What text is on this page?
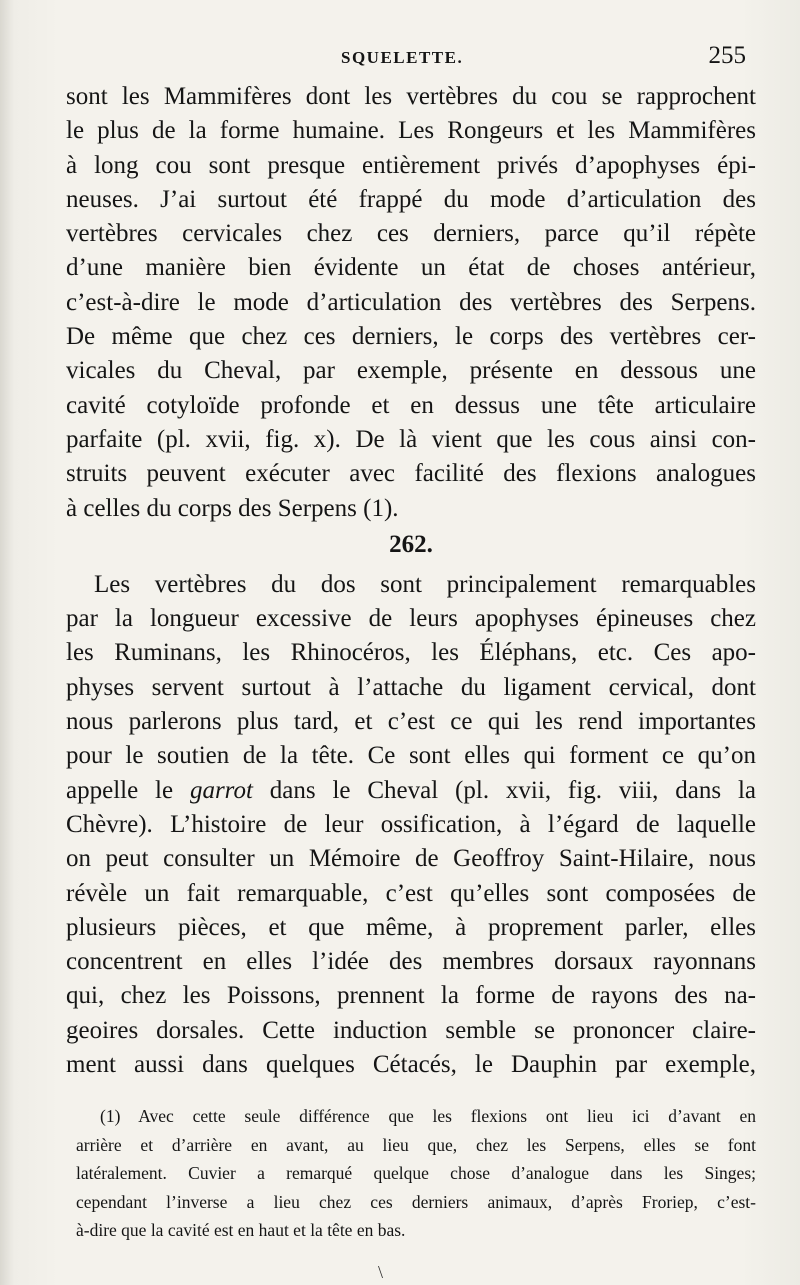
SQUELETTE.	255
sont les Mammifères dont les vertèbres du cou se rapprochent
le plus de la forme humaine. Les Rongeurs et les Mammifères
à long cou sont presque entièrement privés d’apophyses épi-
neuses. J’ai surtout été frappé du mode d’articulation des
vertèbres cervicales chez ces derniers, parce qu’il répète
d’une manière bien évidente un état de choses antérieur,
c’est-à-dire le mode d’articulation des vertèbres des Serpens.
De même que chez ces derniers, le corps des vertèbres cer-
vicales du Cheval, par exemple, présente en dessous une
cavité cotyloïde profonde et en dessus une tête articulaire
parfaite (pl. xvii, fig. x). De là vient que les cous ainsi con-
struits peuvent exécuter avec facilité des flexions analogues
à celles du corps des Serpens (1).
262.
Les vertèbres du dos sont principalement remarquables
par la longueur excessive de leurs apophyses épineuses chez
les Ruminans, les Rhinocéros, les Éléphans, etc. Ces apo-
physes servent surtout à l’attache du ligament cervical, dont
nous parlerons plus tard, et c’est ce qui les rend importantes
pour le soutien de la tête. Ce sont elles qui forment ce qu’on
appelle le garrot dans le Cheval (pl. xvii, fig. viii, dans la
Chèvre). L’histoire de leur ossification, à l’égard de laquelle
on peut consulter un Mémoire de Geoffroy Saint-Hilaire, nous
révèle un fait remarquable, c’est qu’elles sont composées de
plusieurs pièces, et que même, à proprement parler, elles
concentrent en elles l’idée des membres dorsaux rayonnans
qui, chez les Poissons, prennent la forme de rayons des na-
geoires dorsales. Cette induction semble se prononcer claire-
ment aussi dans quelques Cétacés, le Dauphin par exemple,
(1) Avec cette seule différence que les flexions ont lieu ici d’avant en
arrière et d’arrière en avant, au lieu que, chez les Serpens, elles se font
latéralement. Cuvier a remarqué quelque chose d’analogue dans les Singes;
cependant l’inverse a lieu chez ces derniers animaux, d’après Froriep, c’est-
à-dire que la cavité est en haut et la tête en bas.
\
